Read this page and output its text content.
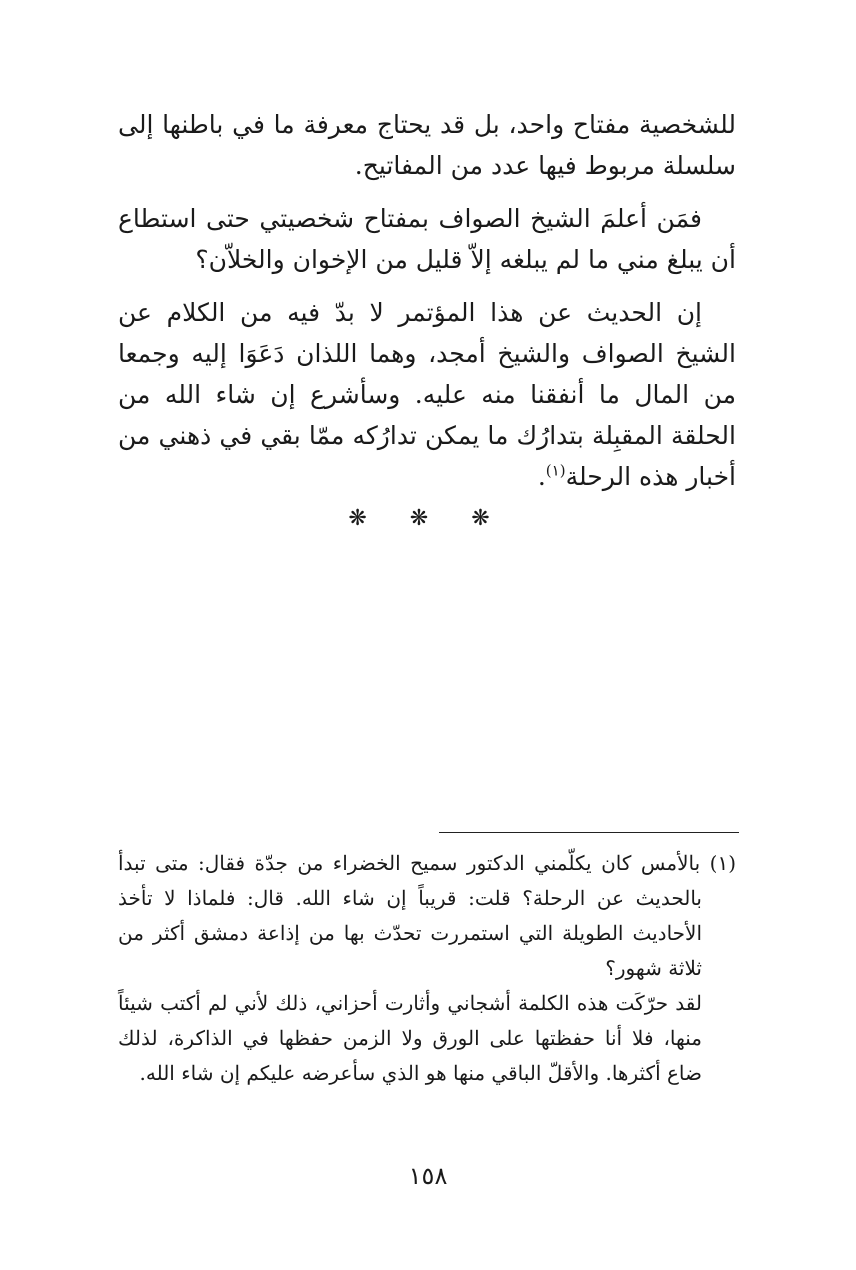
للشخصية مفتاح واحد، بل قد يحتاج معرفة ما في باطنها إلى سلسلة مربوط فيها عدد من المفاتيح.

فمَن أعلمَ الشيخ الصواف بمفتاح شخصيتي حتى استطاع أن يبلغ مني ما لم يبلغه إلاّ قليل من الإخوان والخلاّن؟

إن الحديث عن هذا المؤتمر لا بدّ فيه من الكلام عن الشيخ الصواف والشيخ أمجد، وهما اللذان دَعَوَا إليه وجمعا من المال ما أنفقنا منه عليه. وسأشرع إن شاء الله من الحلقة المقبِلة بتدارُك ما يمكن تدارُكه ممّا بقي في ذهني من أخبار هذه الرحلة$^{(١)}$.

❋ ❋ ❋

(١) بالأمس كان يكلّمني الدكتور سميح الخضراء من جدّة فقال: متى تبدأ بالحديث عن الرحلة؟ قلت: قريباً إن شاء الله. قال: فلماذا لا تأخذ الأحاديث الطويلة التي استمررت تحدّث بها من إذاعة دمشق أكثر من ثلاثة شهور؟

لقد حرّكَت هذه الكلمة أشجاني وأثارت أحزاني، ذلك لأني لم أكتب شيئاً منها، فلا أنا حفظتها على الورق ولا الزمن حفظها في الذاكرة، لذلك ضاع أكثرها. والأقلّ الباقي منها هو الذي سأعرضه عليكم إن شاء الله.

١٥٨
